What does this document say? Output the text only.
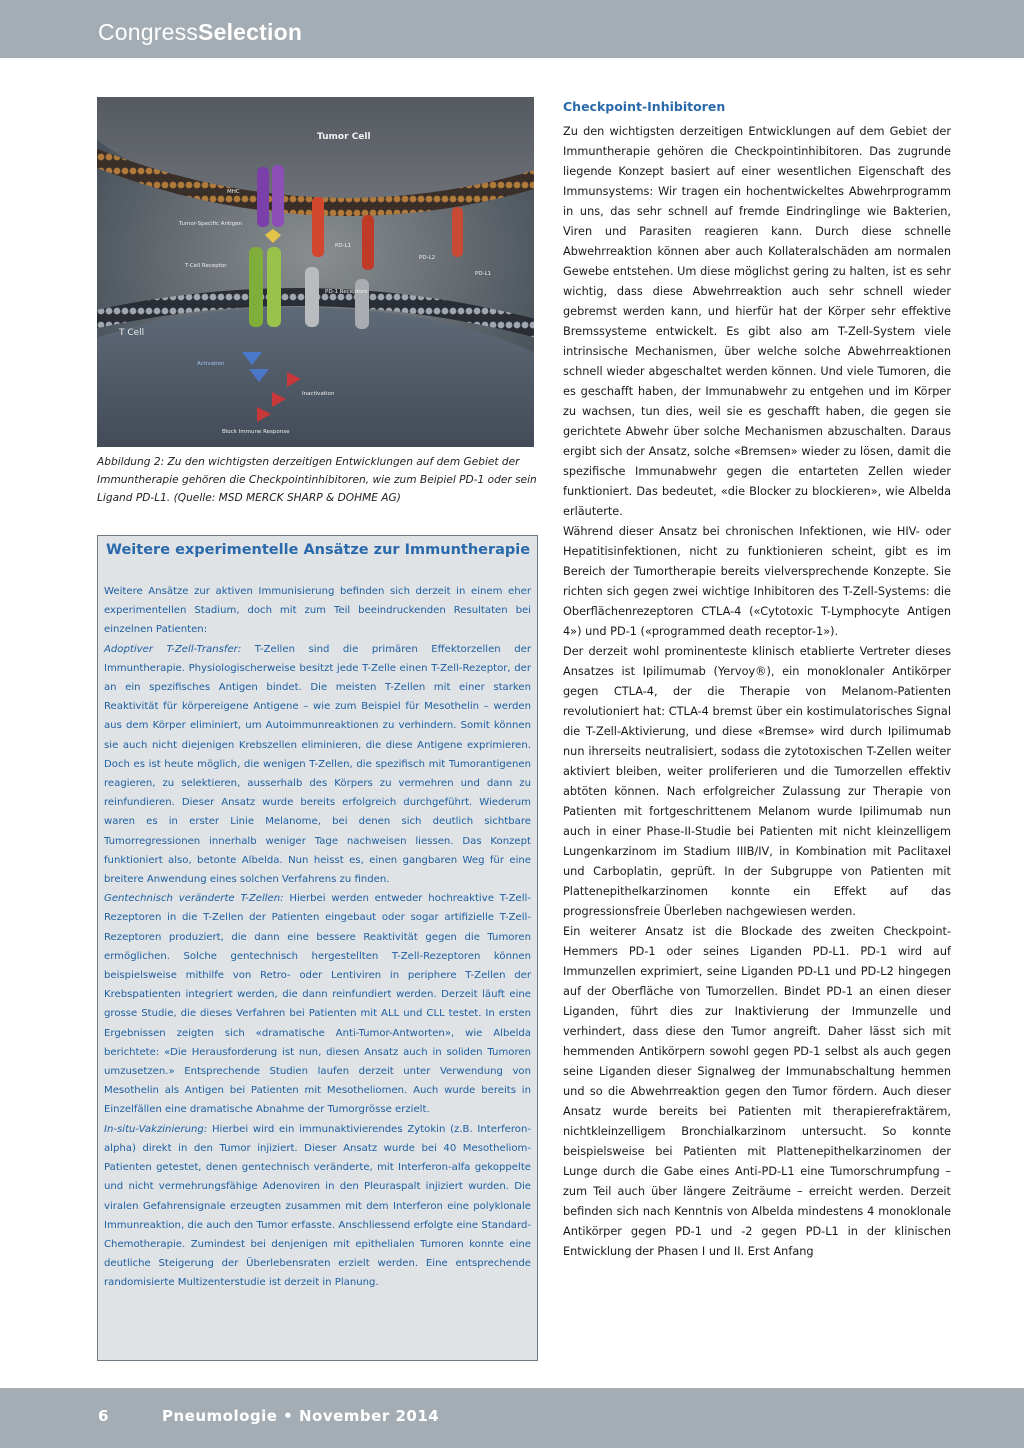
CongressSelection
Tumor Cell
T Cell
MHC
Tumor-Specific Antigen
T-Cell Receptor
PD-L1
PD-L2
PD-L1
PD-1 Receptors
Activation
Inactivation
Block Immune Response
Abbildung 2: Zu den wichtigsten derzeitigen Entwicklungen auf dem Gebiet der Immuntherapie gehören die Checkpointinhibitoren, wie zum Beipiel PD-1 oder sein Ligand PD-L1. (Quelle: MSD MERCK SHARP & DOHME AG)
Weitere experimentelle Ansätze zur Immuntherapie

Weitere Ansätze zur aktiven Immunisierung befinden sich derzeit in einem eher experimentellen Stadium, doch mit zum Teil beeindruckenden Resultaten bei einzelnen Patienten:

Adoptiver T-Zell-Transfer: T-Zellen sind die primären Effektorzellen der Immuntherapie. Physiologischerweise besitzt jede T-Zelle einen T-Zell-Rezeptor, der an ein spezifisches Antigen bindet. Die meisten T-Zellen mit einer starken Reaktivität für körpereigene Antigene – wie zum Beispiel für Mesothelin – werden aus dem Körper eliminiert, um Autoimmunreaktionen zu verhindern. Somit können sie auch nicht diejenigen Krebszellen eliminieren, die diese Antigene exprimieren. Doch es ist heute möglich, die wenigen T-Zellen, die spezifisch mit Tumorantigenen reagieren, zu selektieren, ausserhalb des Körpers zu vermehren und dann zu reinfundieren. Dieser Ansatz wurde bereits erfolgreich durchgeführt. Wiederum waren es in erster Linie Melanome, bei denen sich deutlich sichtbare Tumorregressionen innerhalb weniger Tage nachweisen liessen. Das Konzept funktioniert also, betonte Albelda. Nun heisst es, einen gangbaren Weg für eine breitere Anwendung eines solchen Verfahrens zu finden.

Gentechnisch veränderte T-Zellen: Hierbei werden entweder hochreaktive T-Zell-Rezeptoren in die T-Zellen der Patienten eingebaut oder sogar artifizielle T-Zell-Rezeptoren produziert, die dann eine bessere Reaktivität gegen die Tumoren ermöglichen. Solche gentechnisch hergestellten T-Zell-Rezeptoren können beispielsweise mithilfe von Retro- oder Lentiviren in periphere T-Zellen der Krebspatienten integriert werden, die dann reinfundiert werden. Derzeit läuft eine grosse Studie, die dieses Verfahren bei Patienten mit ALL und CLL testet. In ersten Ergebnissen zeigten sich «dramatische Anti-Tumor-Antworten», wie Albelda berichtete: «Die Herausforderung ist nun, diesen Ansatz auch in soliden Tumoren umzusetzen.» Entsprechende Studien laufen derzeit unter Verwendung von Mesothelin als Antigen bei Patienten mit Mesotheliomen. Auch wurde bereits in Einzelfällen eine dramatische Abnahme der Tumorgrösse erzielt.

In-situ-Vakzinierung: Hierbei wird ein immunaktivierendes Zytokin (z.B. Interferon-alpha) direkt in den Tumor injiziert. Dieser Ansatz wurde bei 40 Mesotheliom-Patienten getestet, denen gentechnisch veränderte, mit Interferon-alfa gekoppelte und nicht vermehrungsfähige Adenoviren in den Pleuraspalt injiziert wurden. Die viralen Gefahrensignale erzeugten zusammen mit dem Interferon eine polyklonale Immunreaktion, die auch den Tumor erfasste. Anschliessend erfolgte eine Standard-Chemotherapie. Zumindest bei denjenigen mit epithelialen Tumoren konnte eine deutliche Steigerung der Überlebensraten erzielt werden. Eine entsprechende randomisierte Multizenterstudie ist derzeit in Planung.

Checkpoint-Inhibitoren

Zu den wichtigsten derzeitigen Entwicklungen auf dem Gebiet der Immuntherapie gehören die Checkpointinhibitoren. Das zugrunde liegende Konzept basiert auf einer wesentlichen Eigenschaft des Immunsystems: Wir tragen ein hochentwickeltes Abwehrprogramm in uns, das sehr schnell auf fremde Eindringlinge wie Bakterien, Viren und Parasiten reagieren kann. Durch diese schnelle Abwehrreaktion können aber auch Kollateralschäden am normalen Gewebe entstehen. Um diese möglichst gering zu halten, ist es sehr wichtig, dass diese Abwehrreaktion auch sehr schnell wieder gebremst werden kann, und hierfür hat der Körper sehr effektive Bremssysteme entwickelt. Es gibt also am T-Zell-System viele intrinsische Mechanismen, über welche solche Abwehrreaktionen schnell wieder abgeschaltet werden können. Und viele Tumoren, die es geschafft haben, der Immunabwehr zu entgehen und im Körper zu wachsen, tun dies, weil sie es geschafft haben, die gegen sie gerichtete Abwehr über solche Mechanismen abzuschalten. Daraus ergibt sich der Ansatz, solche «Bremsen» wieder zu lösen, damit die spezifische Immunabwehr gegen die entarteten Zellen wieder funktioniert. Das bedeutet, «die Blocker zu blockieren», wie Albelda erläuterte.

Während dieser Ansatz bei chronischen Infektionen, wie HIV- oder Hepatitisinfektionen, nicht zu funktionieren scheint, gibt es im Bereich der Tumortherapie bereits vielversprechende Konzepte. Sie richten sich gegen zwei wichtige Inhibitoren des T-Zell-Systems: die Oberflächenrezeptoren CTLA-4 («Cytotoxic T-Lymphocyte Antigen 4») und PD-1 («programmed death receptor-1»).

Der derzeit wohl prominenteste klinisch etablierte Vertreter dieses Ansatzes ist Ipilimumab (Yervoy®), ein monoklonaler Antikörper gegen CTLA-4, der die Therapie von Melanom-Patienten revolutioniert hat: CTLA-4 bremst über ein kostimulatorisches Signal die T-Zell-Aktivierung, und diese «Bremse» wird durch Ipilimumab nun ihrerseits neutralisiert, sodass die zytotoxischen T-Zellen weiter aktiviert bleiben, weiter proliferieren und die Tumorzellen effektiv abtöten können. Nach erfolgreicher Zulassung zur Therapie von Patienten mit fortgeschrittenem Melanom wurde Ipilimumab nun auch in einer Phase-II-Studie bei Patienten mit nicht kleinzelligem Lungenkarzinom im Stadium IIIB/IV, in Kombination mit Paclitaxel und Carboplatin, geprüft. In der Subgruppe von Patienten mit Plattenepithelkarzinomen konnte ein Effekt auf das progressionsfreie Überleben nachgewiesen werden.

Ein weiterer Ansatz ist die Blockade des zweiten Checkpoint-Hemmers PD-1 oder seines Liganden PD-L1. PD-1 wird auf Immunzellen exprimiert, seine Liganden PD-L1 und PD-L2 hingegen auf der Oberfläche von Tumorzellen. Bindet PD-1 an einen dieser Liganden, führt dies zur Inaktivierung der Immunzelle und verhindert, dass diese den Tumor angreift. Daher lässt sich mit hemmenden Antikörpern sowohl gegen PD-1 selbst als auch gegen seine Liganden dieser Signalweg der Immunabschaltung hemmen und so die Abwehrreaktion gegen den Tumor fördern. Auch dieser Ansatz wurde bereits bei Patienten mit therapierefraktärem, nichtkleinzelligem Bronchialkarzinom untersucht. So konnte beispielsweise bei Patienten mit Plattenepithelkarzinomen der Lunge durch die Gabe eines Anti-PD-L1 eine Tumorschrumpfung – zum Teil auch über längere Zeiträume – erreicht werden. Derzeit befinden sich nach Kenntnis von Albelda mindestens 4 monoklonale Antikörper gegen PD-1 und -2 gegen PD-L1 in der klinischen Entwicklung der Phasen I und II. Erst Anfang

6	Pneumologie • November 2014
